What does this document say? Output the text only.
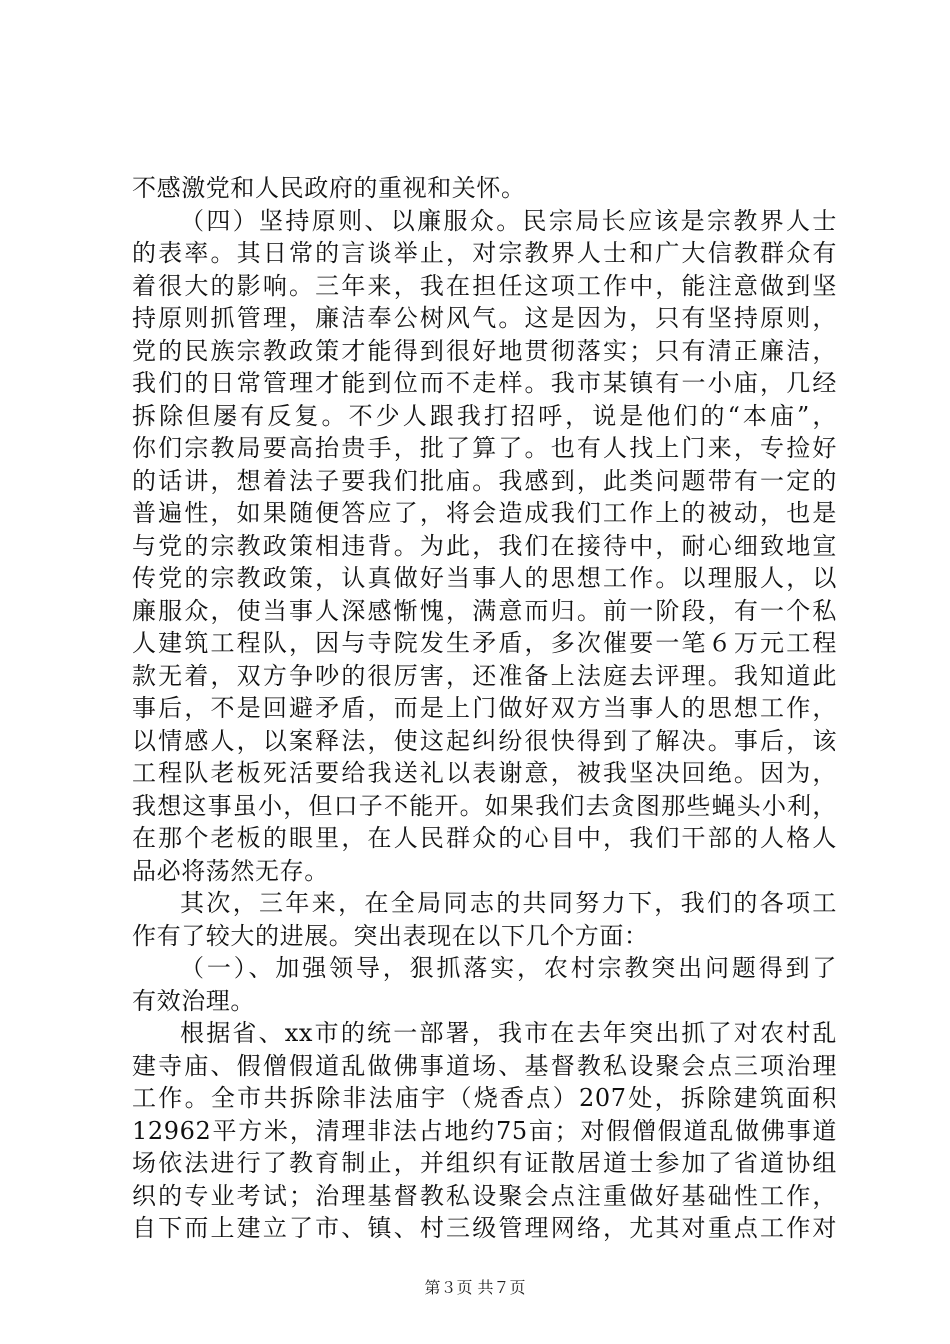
不感激党和人民政府的重视和关怀。
（四）坚持原则、以廉服众。民宗局长应该是宗教界人士
的表率。其日常的言谈举止，对宗教界人士和广大信教群众有
着很大的影响。三年来，我在担任这项工作中，能注意做到坚
持原则抓管理，廉洁奉公树风气。这是因为，只有坚持原则，
党的民族宗教政策才能得到很好地贯彻落实；只有清正廉洁，
我们的日常管理才能到位而不走样。我市某镇有一小庙，几经
拆除但屡有反复。不少人跟我打招呼，说是他们的“本庙”，
你们宗教局要高抬贵手，批了算了。也有人找上门来，专捡好
的话讲，想着法子要我们批庙。我感到，此类问题带有一定的
普遍性，如果随便答应了，将会造成我们工作上的被动，也是
与党的宗教政策相违背。为此，我们在接待中，耐心细致地宣
传党的宗教政策，认真做好当事人的思想工作。以理服人，以
廉服众，使当事人深感惭愧，满意而归。前一阶段，有一个私
人建筑工程队，因与寺院发生矛盾，多次催要一笔６万元工程
款无着，双方争吵的很厉害，还准备上法庭去评理。我知道此
事后，不是回避矛盾，而是上门做好双方当事人的思想工作，
以情感人，以案释法，使这起纠纷很快得到了解决。事后，该
工程队老板死活要给我送礼以表谢意，被我坚决回绝。因为，
我想这事虽小，但口子不能开。如果我们去贪图那些蝇头小利，
在那个老板的眼里，在人民群众的心目中，我们干部的人格人
品必将荡然无存。
其次，三年来，在全局同志的共同努力下，我们的各项工
作有了较大的进展。突出表现在以下几个方面：
（一）、加强领导，狠抓落实，农村宗教突出问题得到了
有效治理。
根据省、xx市的统一部署，我市在去年突出抓了对农村乱
建寺庙、假僧假道乱做佛事道场、基督教私设聚会点三项治理
工作。全市共拆除非法庙宇（烧香点）207处，拆除建筑面积
12962平方米，清理非法占地约75亩；对假僧假道乱做佛事道
场依法进行了教育制止，并组织有证散居道士参加了省道协组
织的专业考试；治理基督教私设聚会点注重做好基础性工作，
自下而上建立了市、镇、村三级管理网络，尤其对重点工作对
第３页 共７页
